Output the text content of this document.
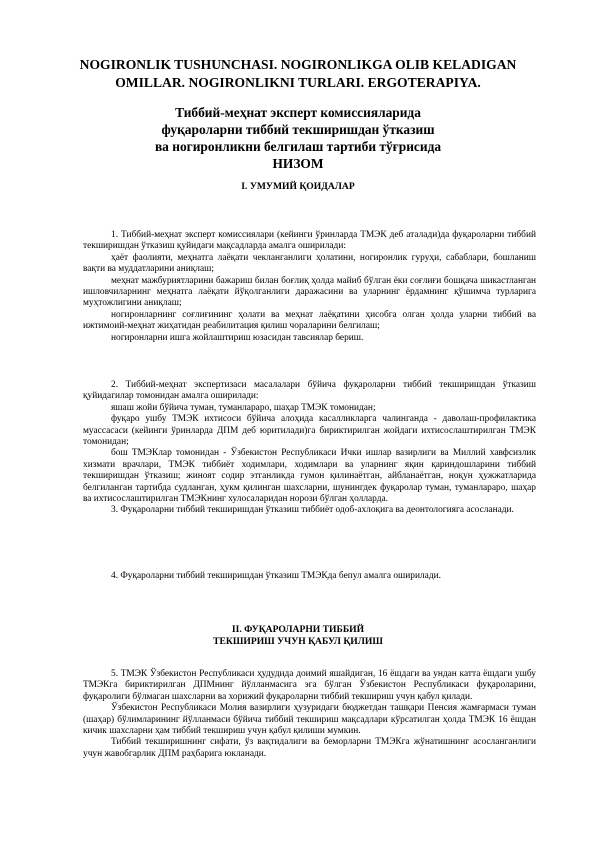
NOGIRONLIK TUSHUNCHASI. NOGIRONLIKGA OLIB KELADIGAN
OMILLAR. NOGIRONLIKNI TURLARI. ERGOTERAPIYA.
Тиббий-меҳнат эксперт комиссияларида
фуқароларни тиббий текширишдан ўтказиш
ва ногиронликни белгилаш тартиби тўғрисида
НИЗОМ
I. УМУМИЙ ҚОИДАЛАР

1. Тиббий-меҳнат эксперт комиссиялари (кейинги ўринларда ТМЭК деб аталади)да фуқароларни тиббий текширишдан ўтказиш қуйидаги мақсадларда амалга оширилади:

ҳаёт фаолияти, меҳнатга лаёқати чекланганлиги ҳолатини, ногиронлик гуруҳи, сабаблари, бошланиш вақти ва муддатларини аниқлаш;

меҳнат мажбуриятларини бажариш билан боғлиқ ҳолда майиб бўлган ёки соғлиғи бошқача шикастланган ишловчиларнинг меҳнатга лаёқати йўқолганлиги даражасини ва уларнинг ёрдамнинг қўшимча турларига муҳтожлигини аниқлаш;

ногиронларнинг соғлиғининг ҳолати ва меҳнат лаёқатини ҳисобга олган ҳолда уларни тиббий ва ижтимоий-меҳнат жиҳатидан реабилитация қилиш чораларини белгилаш;

ногиронларни ишга жойлаштириш юзасидан тавсиялар бериш.

2. Тиббий-меҳнат экспертизаси масалалари бўйича фуқароларни тиббий текширишдан ўтказиш қуйидагилар томонидан амалга оширилади:

яшаш жойи бўйича туман, туманлараро, шаҳар ТМЭК томонидан;

фуқаро ушбу ТМЭК ихтисоси бўйича алоҳида касалликларга чалинганда - даволаш-профилактика муассасаси (кейинги ўринларда ДПМ деб юритилади)га бириктирилган жойдаги ихтисослаштирилган ТМЭК томонидан;

бош ТМЭКлар томонидан - Ўзбекистон Республикаси Ички ишлар вазирлиги ва Миллий хавфсизлик хизмати врачлари, ТМЭК тиббиёт ходимлари, ходимлари ва уларнинг яқин қариндошларини тиббий текширишдан ўтказиш; жиноят содир этганликда гумон қилинаётган, айбланаётган, ноқун ҳужжатларида белгиланган тартибда судланган, ҳукм қилинган шахсларни, шунингдек фуқаролар туман, туманлараро, шаҳар ва ихтисослаштирилган ТМЭКнинг хулосаларидан норози бўлган ҳолларда.

3. Фуқароларни тиббий текширишдан ўтказиш тиббиёт одоб-ахлоқига ва деонтологияга асосланади.

4. Фуқароларни тиббий текширишдан ўтказиш ТМЭКда бепул амалга оширилади.

II. ФУҚАРОЛАРНИ ТИББИЙ
ТЕКШИРИШ УЧУН ҚАБУЛ ҚИЛИШ

5. ТМЭК Ўзбекистон Республикаси ҳудудида доимий яшайдиган, 16 ёшдаги ва ундан катта ёшдаги ушбу ТМЭКга бириктирилган ДПМнинг йўлланмасига эга бўлган Ўзбекистон Республикаси фуқароларини, фуқаролиги бўлмаган шахсларни ва хорижий фуқароларни тиббий текшириш учун қабул қилади.

Ўзбекистон Республикаси Молия вазирлиги ҳузуридаги бюджетдан ташқари Пенсия жамғармаси туман (шаҳар) бўлимларининг йўлланмаси бўйича тиббий текшириш мақсадлари кўрсатилган ҳолда ТМЭК 16 ёшдан кичик шахсларни ҳам тиббий текшириш учун қабул қилиши мумкин.

Тиббий текширишнинг сифати, ўз вақтидалиги ва беморларни ТМЭКга жўнатишнинг асосланганлиги учун жавобгарлик ДПМ раҳбарига юкланади.
